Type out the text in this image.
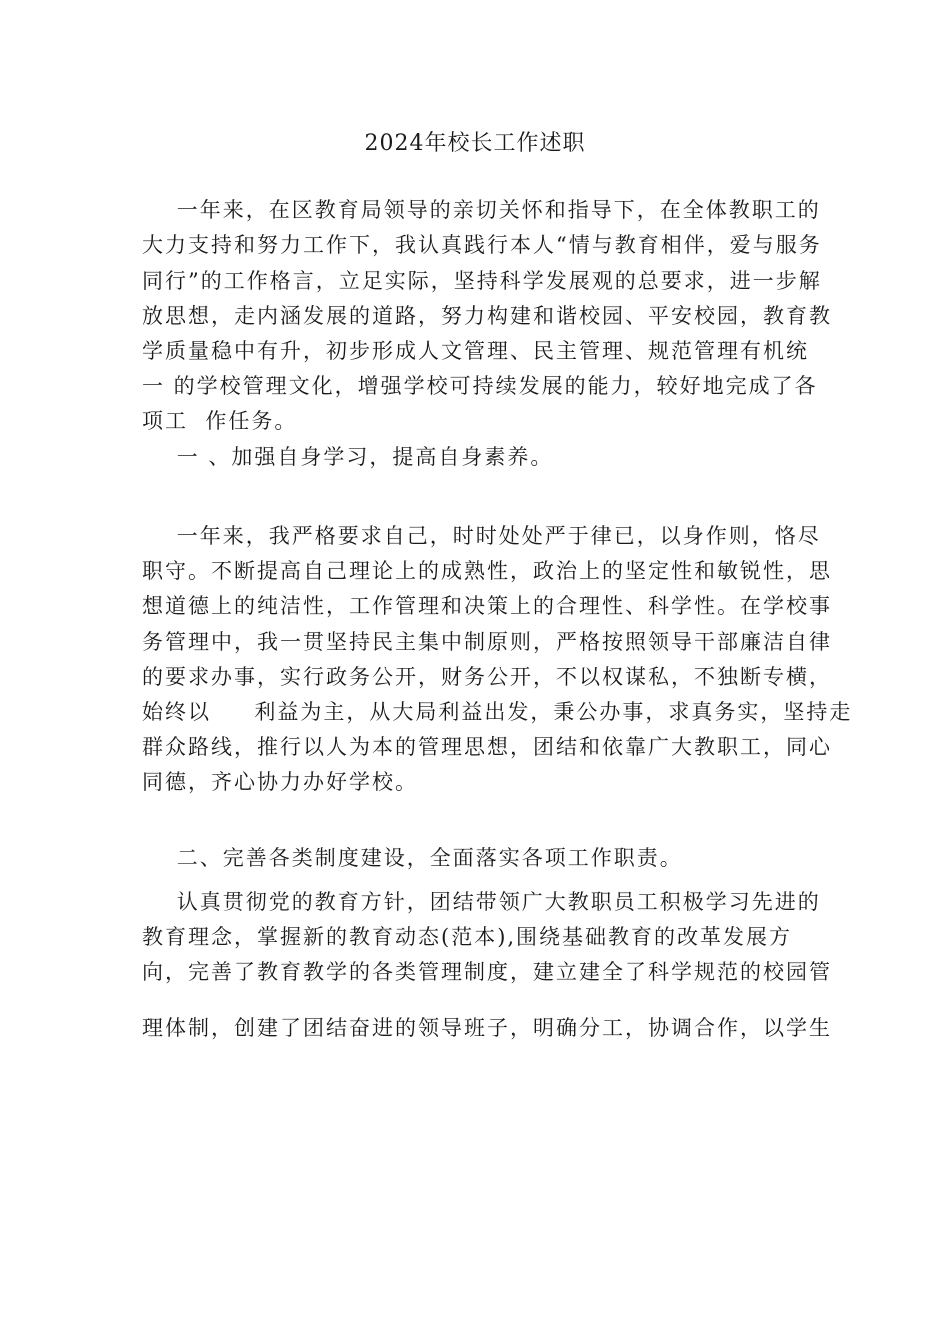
2024年校长工作述职
一年来，在区教育局领导的亲切关怀和指导下，在全体教职工的
大力支持和努力工作下，我认真践行本人“情与教育相伴，爱与服务
同行”的工作格言，立足实际，坚持科学发展观的总要求，进一步解
放思想，走内涵发展的道路，努力构建和谐校园、平安校园，教育教
学质量稳中有升，初步形成人文管理、民主管理、规范管理有机统
一 的学校管理文化，增强学校可持续发展的能力，较好地完成了各
项工  作任务。
一 、加强自身学习，提高自身素养。
一年来，我严格要求自己，时时处处严于律已，以身作则，恪尽
职守。不断提高自己理论上的成熟性，政治上的坚定性和敏锐性，思
想道德上的纯洁性，工作管理和决策上的合理性、科学性。在学校事
务管理中，我一贯坚持民主集中制原则，严格按照领导干部廉洁自律
的要求办事，实行政务公开，财务公开，不以权谋私，不独断专横，
始终以     利益为主，从大局利益出发，秉公办事，求真务实，坚持走
群众路线，推行以人为本的管理思想，团结和依靠广大教职工，同心
同德，齐心协力办好学校。
二、完善各类制度建设，全面落实各项工作职责。
认真贯彻党的教育方针，团结带领广大教职员工积极学习先进的
教育理念，掌握新的教育动态(范本),围绕基础教育的改革发展方
向，完善了教育教学的各类管理制度，建立建全了科学规范的校园管
理体制，创建了团结奋进的领导班子，明确分工，协调合作，以学生
